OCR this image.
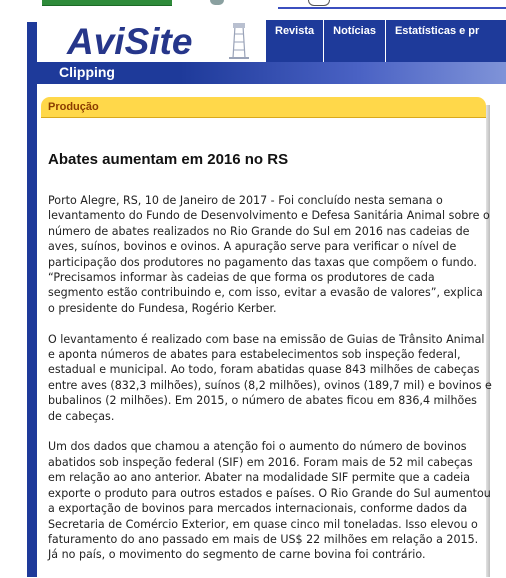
AviSite	Revista	Notícias	Estatísticas e pr
Clipping
Produção
Abates aumentam em 2016 no RS

Porto Alegre, RS, 10 de Janeiro de 2017 - Foi concluído nesta semana o levantamento do Fundo de Desenvolvimento e Defesa Sanitária Animal sobre o número de abates realizados no Rio Grande do Sul em 2016 nas cadeias de aves, suínos, bovinos e ovinos. A apuração serve para verificar o nível de participação dos produtores no pagamento das taxas que compõem o fundo. “Precisamos informar às cadeias de que forma os produtores de cada segmento estão contribuindo e, com isso, evitar a evasão de valores”, explica o presidente do Fundesa, Rogério Kerber.

O levantamento é realizado com base na emissão de Guias de Trânsito Animal e aponta números de abates para estabelecimentos sob inspeção federal, estadual e municipal. Ao todo, foram abatidas quase 843 milhões de cabeças entre aves (832,3 milhões), suínos (8,2 milhões), ovinos (189,7 mil) e bovinos e bubalinos (2 milhões). Em 2015, o número de abates ficou em 836,4 milhões de cabeças.

Um dos dados que chamou a atenção foi o aumento do número de bovinos abatidos sob inspeção federal (SIF) em 2016. Foram mais de 52 mil cabeças em relação ao ano anterior. Abater na modalidade SIF permite que a cadeia exporte o produto para outros estados e países. O Rio Grande do Sul aumentou a exportação de bovinos para mercados internacionais, conforme dados da Secretaria de Comércio Exterior, em quase cinco mil toneladas. Isso elevou o faturamento do ano passado em mais de US$ 22 milhões em relação a 2015.
Já no país, o movimento do segmento de carne bovina foi contrário.
